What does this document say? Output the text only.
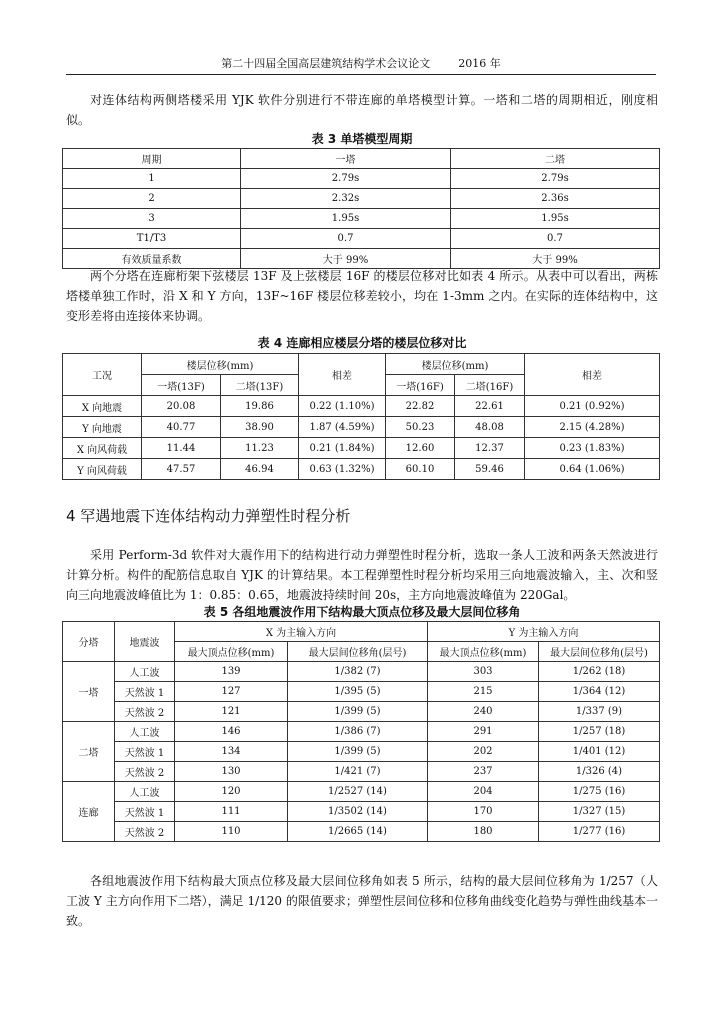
第二十四届全国高层建筑结构学术会议论文	2016 年

对连体结构两侧塔楼采用 YJK 软件分别进行不带连廊的单塔模型计算。一塔和二塔的周期相近，刚度相似。

表 3 单塔模型周期
周期	一塔	二塔
1	2.79s	2.79s
2	2.32s	2.36s
3	1.95s	1.95s
T1/T3	0.7	0.7
有效质量系数	大于 99%	大于 99%

两个分塔在连廊桁架下弦楼层 13F 及上弦楼层 16F 的楼层位移对比如表 4 所示。从表中可以看出，两栋塔楼单独工作时，沿 X 和 Y 方向，13F~16F 楼层位移差较小，均在 1-3mm 之内。在实际的连体结构中，这变形差将由连接体来协调。

表 4 连廊相应楼层分塔的楼层位移对比
工况	楼层位移(mm)		相差	楼层位移(mm)		相差
	一塔(13F)	二塔(13F)		一塔(16F)	二塔(16F)	
X 向地震	20.08	19.86	0.22 (1.10%)	22.82	22.61	0.21 (0.92%)
Y 向地震	40.77	38.90	1.87 (4.59%)	50.23	48.08	2.15 (4.28%)
X 向风荷载	11.44	11.23	0.21 (1.84%)	12.60	12.37	0.23 (1.83%)
Y 向风荷载	47.57	46.94	0.63 (1.32%)	60.10	59.46	0.64 (1.06%)
4 罕遇地震下连体结构动力弹塑性时程分析

采用 Perform-3d 软件对大震作用下的结构进行动力弹塑性时程分析，选取一条人工波和两条天然波进行计算分析。构件的配筋信息取自 YJK 的计算结果。本工程弹塑性时程分析均采用三向地震波输入，主、次和竖向三向地震波峰值比为 1：0.85：0.65，地震波持续时间 20s，主方向地震波峰值为 220Gal。

表 5 各组地震波作用下结构最大顶点位移及最大层间位移角
分塔	地震波	X 为主输入方向		Y 为主输入方向	
		最大顶点位移(mm)	最大层间位移角(层号)	最大顶点位移(mm)	最大层间位移角(层号)
一塔	人工波	139	1/382 (7)	303	1/262 (18)
	天然波 1	127	1/395 (5)	215	1/364 (12)
	天然波 2	121	1/399 (5)	240	1/337 (9)
二塔	人工波	146	1/386 (7)	291	1/257 (18)
	天然波 1	134	1/399 (5)	202	1/401 (12)
	天然波 2	130	1/421 (7)	237	1/326 (4)
连廊	人工波	120	1/2527 (14)	204	1/275 (16)
	天然波 1	111	1/3502 (14)	170	1/327 (15)
	天然波 2	110	1/2665 (14)	180	1/277 (16)

各组地震波作用下结构最大顶点位移及最大层间位移角如表 5 所示，结构的最大层间位移角为 1/257（人工波 Y 主方向作用下二塔），满足 1/120 的限值要求；弹塑性层间位移和位移角曲线变化趋势与弹性曲线基本一致。
